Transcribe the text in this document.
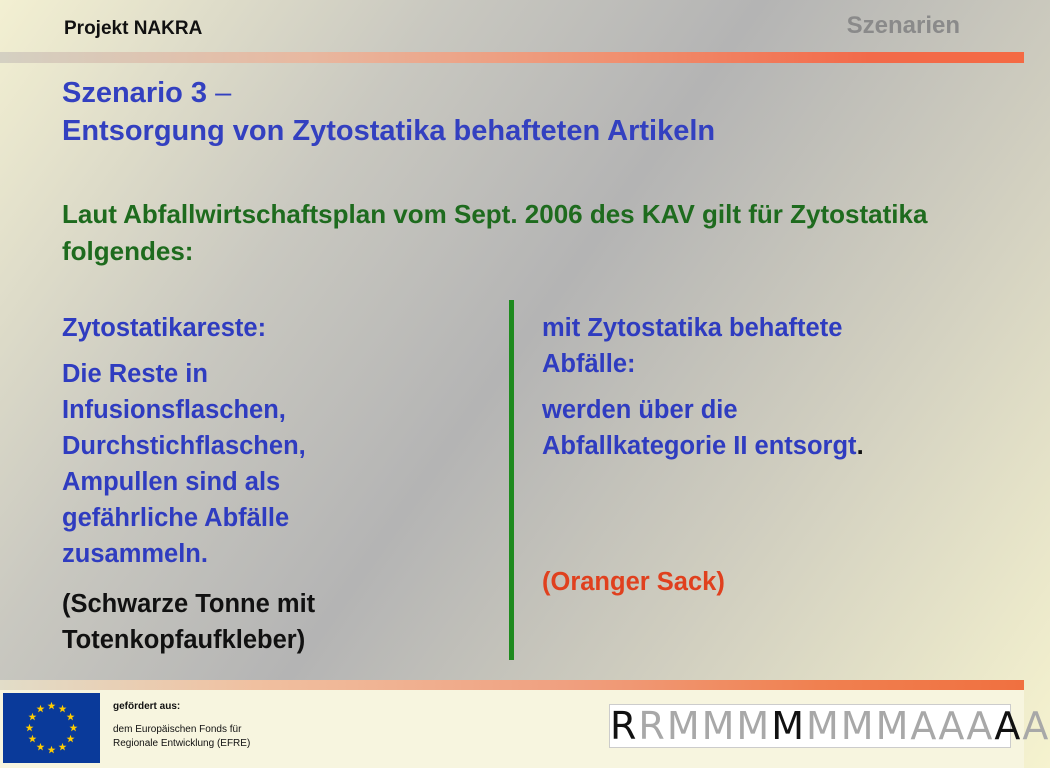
Projekt NAKRA	Szenarien
Szenario 3 –
Entsorgung von Zytostatika behafteten Artikeln
Laut Abfallwirtschaftsplan vom Sept. 2006 des KAV gilt für Zytostatika folgendes:

Zytostatikareste:

Die Reste in

Infusionsflaschen,

Durchstichflaschen,

Ampullen sind als

gefährliche Abfälle

zusammeln.

(Schwarze Tonne mit

Totenkopfaufkleber)

mit Zytostatika behaftete

Abfälle:

werden über die

Abfallkategorie II entsorgt.

(Oranger Sack)

gefördert aus:
dem Europäischen Fonds für
Regionale Entwicklung (EFRE)	RRMMMMMMMAAAAA
